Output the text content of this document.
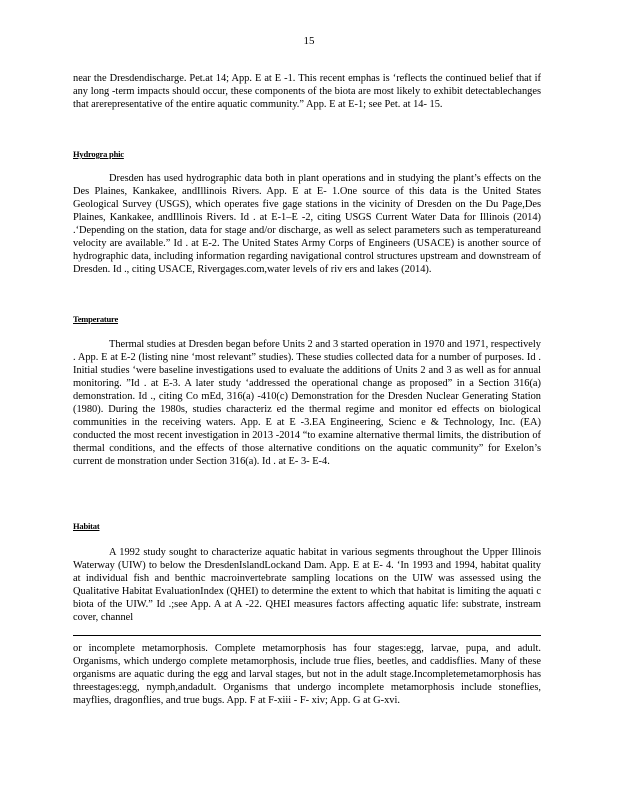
15

near the Dresdendischarge. Pet.at 14; App. E at E -1. This recent emphas is ‘reflects the continued belief that if any long -term impacts should occur, these components of the biota are most likely to exhibit detectablechanges that arerepresentative of the entire aquatic community.” App. E at E-1; see Pet. at 14- 15.

Hydrogra phic

Dresden has used hydrographic data both in plant operations and in studying the plant’s effects on the Des Plaines, Kankakee, andIllinois Rivers. App. E at E- 1.One source of this data is the United States Geological Survey (USGS), which operates five gage stations in the vicinity of Dresden on the Du Page,Des Plaines, Kankakee, andIllinois Rivers. Id . at E-1–E -2, citing USGS Current Water Data for Illinois (2014) .‘Depending on the station, data for stage and/or discharge, as well as select parameters such as temperatureand velocity are available.” Id . at E-2. The United States Army Corps of Engineers (USACE) is another source of hydrographic data, including information regarding navigational control structures upstream and downstream of Dresden. Id ., citing USACE, Rivergages.com,water levels of riv ers and lakes (2014).

Temperature

Thermal studies at Dresden began before Units 2 and 3 started operation in 1970 and 1971, respectively . App. E at E-2 (listing nine ‘most relevant” studies). These studies collected data for a number of purposes. Id . Initial studies ‘were baseline investigations used to evaluate the additions of Units 2 and 3 as well as for annual monitoring. ”Id . at E-3. A later study ‘addressed the operational change as proposed” in a Section 316(a) demonstration. Id ., citing Co mEd, 316(a) -410(c) Demonstration for the Dresden Nuclear Generating Station (1980). During the 1980s, studies characteriz ed the thermal regime and monitor ed effects on biological communities in the receiving waters. App. E at E -3.EA Engineering, Scienc e & Technology, Inc. (EA) conducted the most recent investigation in 2013 -2014 “to examine alternative thermal limits, the distribution of thermal conditions, and the effects of those alternative conditions on the aquatic community” for Exelon’s current de monstration under Section 316(a). Id . at E- 3- E-4.

Habitat

A 1992 study sought to characterize aquatic habitat in various segments throughout the Upper Illinois Waterway (UIW) to below the DresdenIslandLockand Dam. App. E at E- 4. ‘In 1993 and 1994, habitat quality at individual fish and benthic macroinvertebrate sampling locations on the UIW was assessed using the Qualitative Habitat EvaluationIndex (QHEI) to determine the extent to which that habitat is limiting the aquati c biota of the UIW.” Id .;see App. A at A -22. QHEI measures factors affecting aquatic life: substrate, instream cover, channel

or incomplete metamorphosis. Complete metamorphosis has four stages:egg, larvae, pupa, and adult. Organisms, which undergo complete metamorphosis, include true flies, beetles, and caddisflies. Many of these organisms are aquatic during the egg and larval stages, but not in the adult stage.Incompletemetamorphosis has threestages:egg, nymph,andadult. Organisms that undergo incomplete metamorphosis include stoneflies, mayflies, dragonflies, and true bugs. App. F at F-xiii - F- xiv; App. G at G-xvi.
